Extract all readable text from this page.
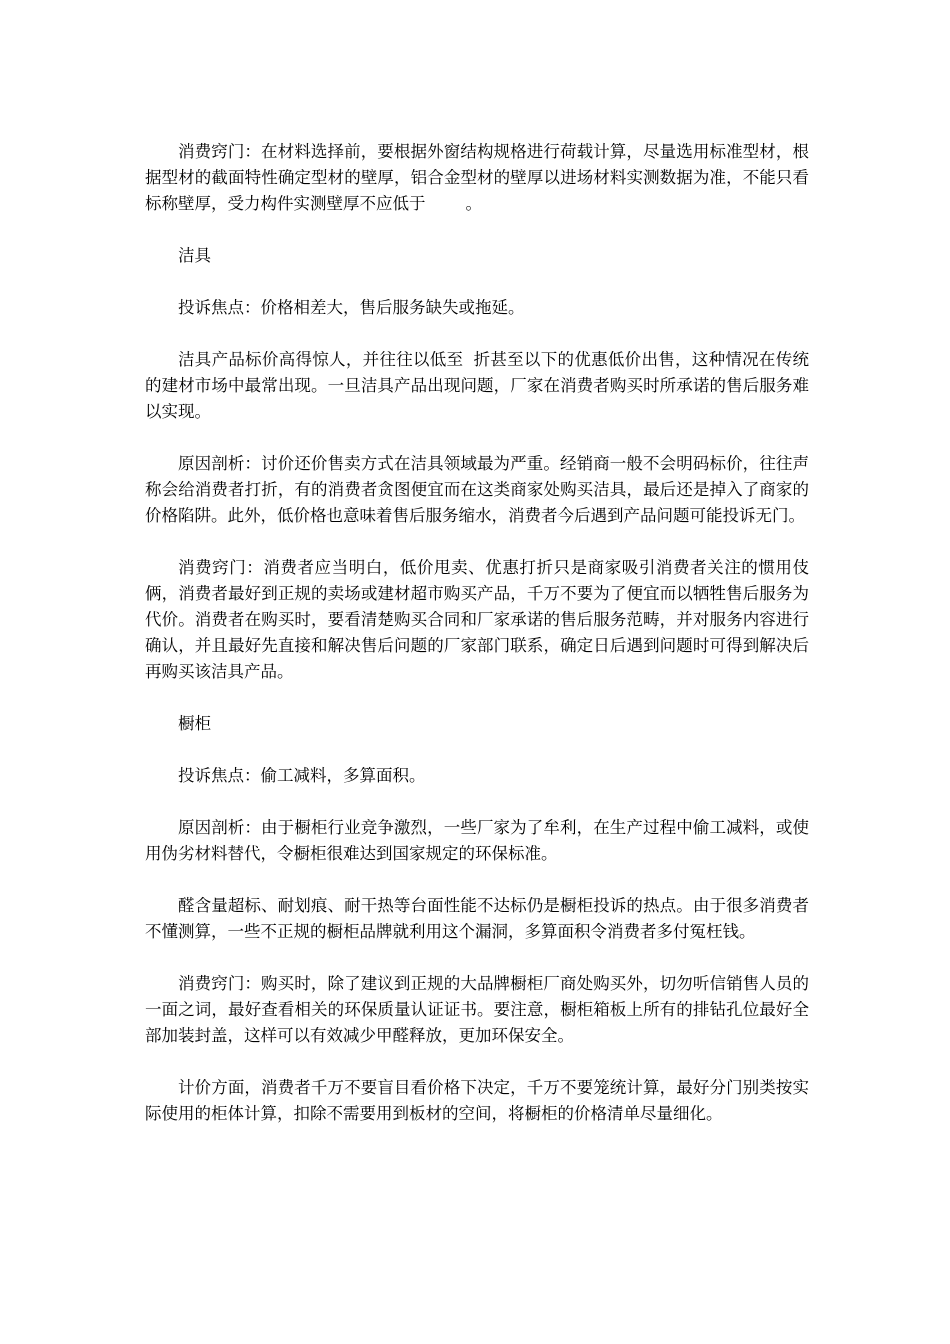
消费窍门：在材料选择前，要根据外窗结构规格进行荷载计算，尽量选用标准型材，根据型材的截面特性确定型材的壁厚，铝合金型材的壁厚以进场材料实测数据为准，不能只看标称壁厚，受力构件实测壁厚不应低于 。

洁具

投诉焦点：价格相差大，售后服务缺失或拖延。

洁具产品标价高得惊人，并往往以低至 折甚至以下的优惠低价出售，这种情况在传统的建材市场中最常出现。一旦洁具产品出现问题，厂家在消费者购买时所承诺的售后服务难以实现。

原因剖析：讨价还价售卖方式在洁具领域最为严重。经销商一般不会明码标价，往往声称会给消费者打折，有的消费者贪图便宜而在这类商家处购买洁具，最后还是掉入了商家的价格陷阱。此外，低价格也意味着售后服务缩水，消费者今后遇到产品问题可能投诉无门。

消费窍门：消费者应当明白，低价甩卖、优惠打折只是商家吸引消费者关注的惯用伎俩，消费者最好到正规的卖场或建材超市购买产品，千万不要为了便宜而以牺牲售后服务为代价。消费者在购买时，要看清楚购买合同和厂家承诺的售后服务范畴，并对服务内容进行确认，并且最好先直接和解决售后问题的厂家部门联系，确定日后遇到问题时可得到解决后再购买该洁具产品。

橱柜

投诉焦点：偷工减料，多算面积。

原因剖析：由于橱柜行业竞争激烈，一些厂家为了牟利，在生产过程中偷工减料，或使用伪劣材料替代，令橱柜很难达到国家规定的环保标准。

醛含量超标、耐划痕、耐干热等台面性能不达标仍是橱柜投诉的热点。由于很多消费者不懂测算，一些不正规的橱柜品牌就利用这个漏洞，多算面积令消费者多付冤枉钱。

消费窍门：购买时，除了建议到正规的大品牌橱柜厂商处购买外，切勿听信销售人员的一面之词，最好查看相关的环保质量认证证书。要注意，橱柜箱板上所有的排钻孔位最好全部加装封盖，这样可以有效减少甲醛释放，更加环保安全。

计价方面，消费者千万不要盲目看价格下决定，千万不要笼统计算，最好分门别类按实际使用的柜体计算，扣除不需要用到板材的空间，将橱柜的价格清单尽量细化。
